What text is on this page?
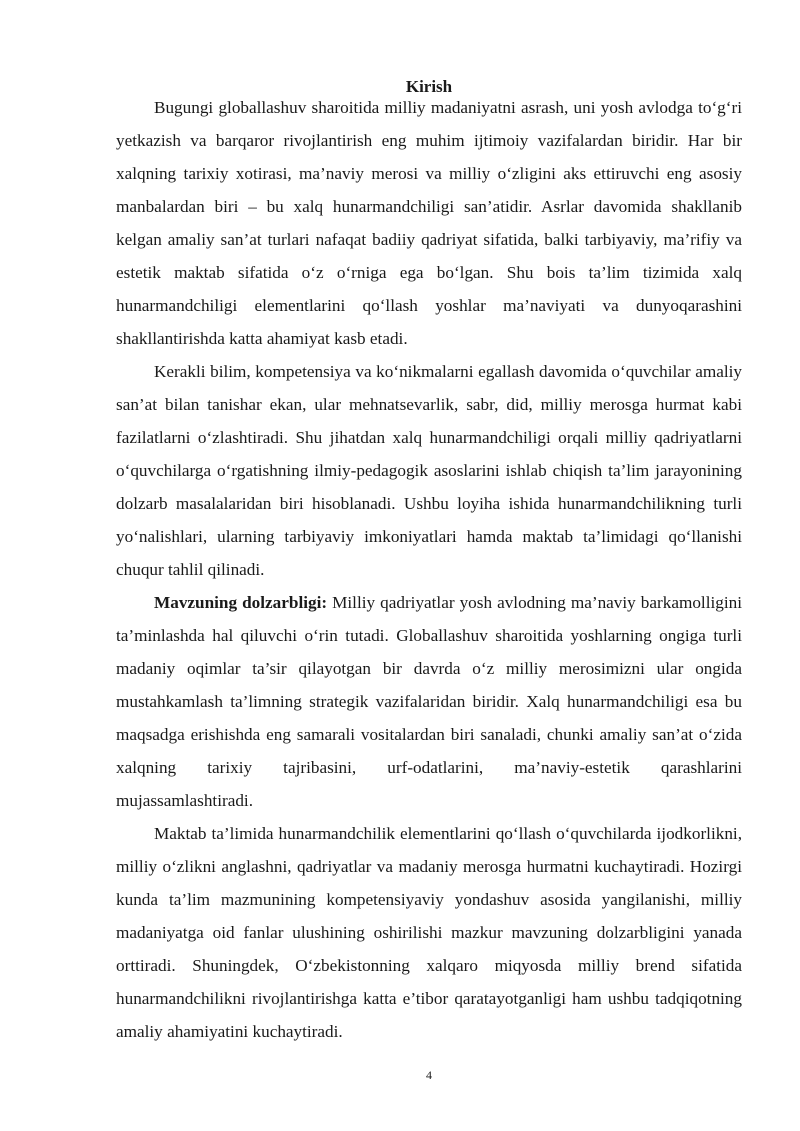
Kirish

Bugungi globallashuv sharoitida milliy madaniyatni asrash, uni yosh avlodga to‘g‘ri yetkazish va barqaror rivojlantirish eng muhim ijtimoiy vazifalardan biridir. Har bir xalqning tarixiy xotirasi, ma’naviy merosi va milliy o‘zligini aks ettiruvchi eng asosiy manbalardan biri – bu xalq hunarmandchiligi san’atidir. Asrlar davomida shakllanib kelgan amaliy san’at turlari nafaqat badiiy qadriyat sifatida, balki tarbiyaviy, ma’rifiy va estetik maktab sifatida o‘z o‘rniga ega bo‘lgan. Shu bois ta’lim tizimida xalq hunarmandchiligi elementlarini qo‘llash yoshlar ma’naviyati va dunyoqarashini shakllantirishda katta ahamiyat kasb etadi.

Kerakli bilim, kompetensiya va ko‘nikmalarni egallash davomida o‘quvchilar amaliy san’at bilan tanishar ekan, ular mehnatsevarlik, sabr, did, milliy merosga hurmat kabi fazilatlarni o‘zlashtiradi. Shu jihatdan xalq hunarmandchiligi orqali milliy qadriyatlarni o‘quvchilarga o‘rgatishning ilmiy-pedagogik asoslarini ishlab chiqish ta’lim jarayonining dolzarb masalalaridan biri hisoblanadi. Ushbu loyiha ishida hunarmandchilikning turli yo‘nalishlari, ularning tarbiyaviy imkoniyatlari hamda maktab ta’limidagi qo‘llanishi chuqur tahlil qilinadi.

Mavzuning dolzarbligi: Milliy qadriyatlar yosh avlodning ma’naviy barkamolligini ta’minlashda hal qiluvchi o‘rin tutadi. Globallashuv sharoitida yoshlarning ongiga turli madaniy oqimlar ta’sir qilayotgan bir davrda o‘z milliy merosimizni ular ongida mustahkamlash ta’limning strategik vazifalaridan biridir. Xalq hunarmandchiligi esa bu maqsadga erishishda eng samarali vositalardan biri sanaladi, chunki amaliy san’at o‘zida xalqning tarixiy tajribasini, urf-odatlarini, ma’naviy-estetik qarashlarini mujassamlashtiradi.

Maktab ta’limida hunarmandchilik elementlarini qo‘llash o‘quvchilarda ijodkorlikni, milliy o‘zlikni anglashni, qadriyatlar va madaniy merosga hurmatni kuchaytiradi. Hozirgi kunda ta’lim mazmunining kompetensiyaviy yondashuv asosida yangilanishi, milliy madaniyatga oid fanlar ulushining oshirilishi mazkur mavzuning dolzarbligini yanada orttiradi. Shuningdek, O‘zbekistonning xalqaro miqyosda milliy brend sifatida hunarmandchilikni rivojlantirishga katta e’tibor qaratayotganligi ham ushbu tadqiqotning amaliy ahamiyatini kuchaytiradi.

4
